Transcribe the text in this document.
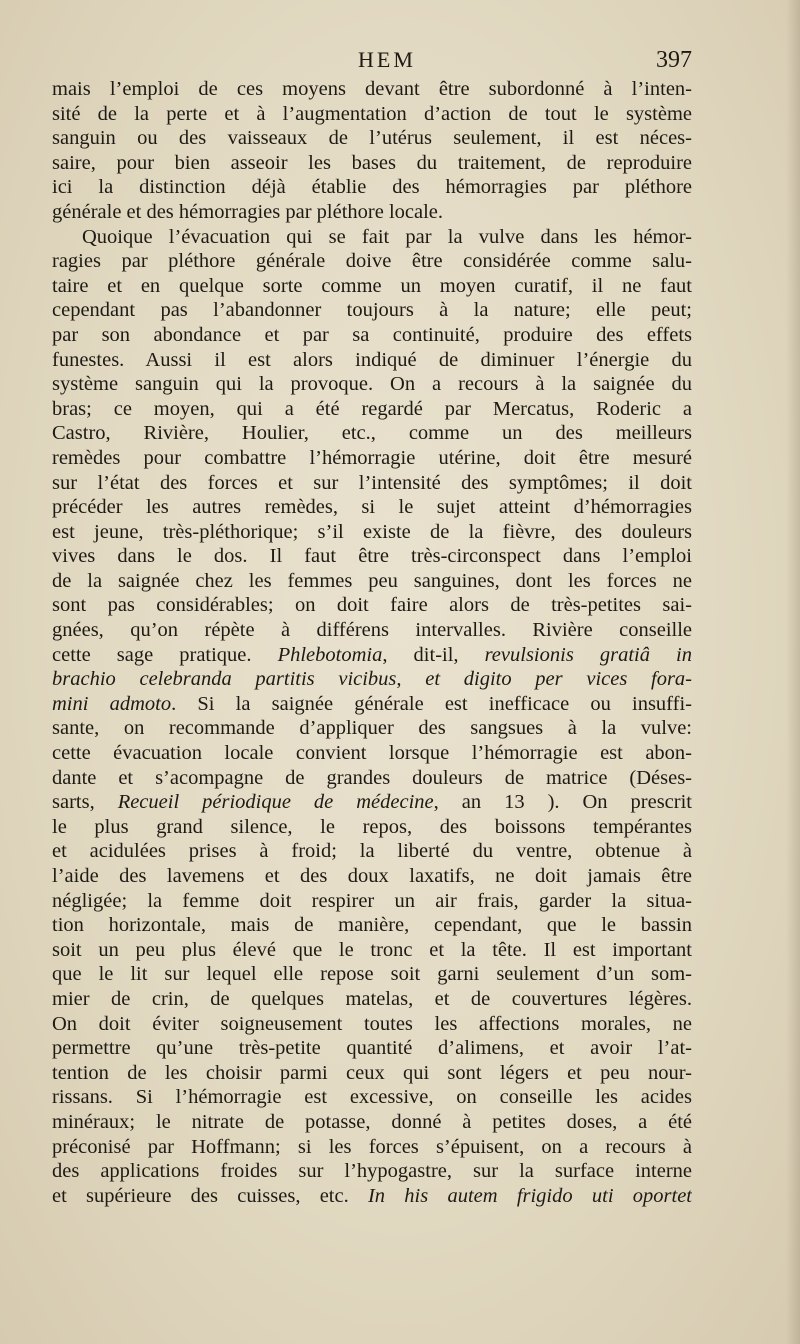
HEM	397
mais l’emploi de ces moyens devant être subordonné à l’inten-
sité de la perte et à l’augmentation d’action de tout le système
sanguin ou des vaisseaux de l’utérus seulement, il est néces-
saire, pour bien asseoir les bases du traitement, de reproduire
ici la distinction déjà établie des hémorragies par pléthore
générale et des hémorragies par pléthore locale.
Quoique l’évacuation qui se fait par la vulve dans les hémor-
ragies par pléthore générale doive être considérée comme salu-
taire et en quelque sorte comme un moyen curatif, il ne faut
cependant pas l’abandonner toujours à la nature; elle peut;
par son abondance et par sa continuité, produire des effets
funestes. Aussi il est alors indiqué de diminuer l’énergie du
système sanguin qui la provoque. On a recours à la saignée du
bras; ce moyen, qui a été regardé par Mercatus, Roderic a
Castro, Rivière, Houlier, etc., comme un des meilleurs
remèdes pour combattre l’hémorragie utérine, doit être mesuré
sur l’état des forces et sur l’intensité des symptômes; il doit
précéder les autres remèdes, si le sujet atteint d’hémorragies
est jeune, très-pléthorique; s’il existe de la fièvre, des douleurs
vives dans le dos. Il faut être très-circonspect dans l’emploi
de la saignée chez les femmes peu sanguines, dont les forces ne
sont pas considérables; on doit faire alors de très-petites sai-
gnées, qu’on répète à différens intervalles. Rivière conseille
cette sage pratique. Phlebotomia, dit-il, revulsionis gratiâ in
brachio celebranda partitis vicibus, et digito per vices fora-
mini admoto. Si la saignée générale est inefficace ou insuffi-
sante, on recommande d’appliquer des sangsues à la vulve:
cette évacuation locale convient lorsque l’hémorragie est abon-
dante et s’acompagne de grandes douleurs de matrice (Déses-
sarts, Recueil périodique de médecine, an 13 ). On prescrit
le plus grand silence, le repos, des boissons tempérantes
et acidulées prises à froid; la liberté du ventre, obtenue à
l’aide des lavemens et des doux laxatifs, ne doit jamais être
négligée; la femme doit respirer un air frais, garder la situa-
tion horizontale, mais de manière, cependant, que le bassin
soit un peu plus élevé que le tronc et la tête. Il est important
que le lit sur lequel elle repose soit garni seulement d’un som-
mier de crin, de quelques matelas, et de couvertures légères.
On doit éviter soigneusement toutes les affections morales, ne
permettre qu’une très-petite quantité d’alimens, et avoir l’at-
tention de les choisir parmi ceux qui sont légers et peu nour-
rissans. Si l’hémorragie est excessive, on conseille les acides
minéraux; le nitrate de potasse, donné à petites doses, a été
préconisé par Hoffmann; si les forces s’épuisent, on a recours à
des applications froides sur l’hypogastre, sur la surface interne
et supérieure des cuisses, etc. In his autem frigido uti oportet
